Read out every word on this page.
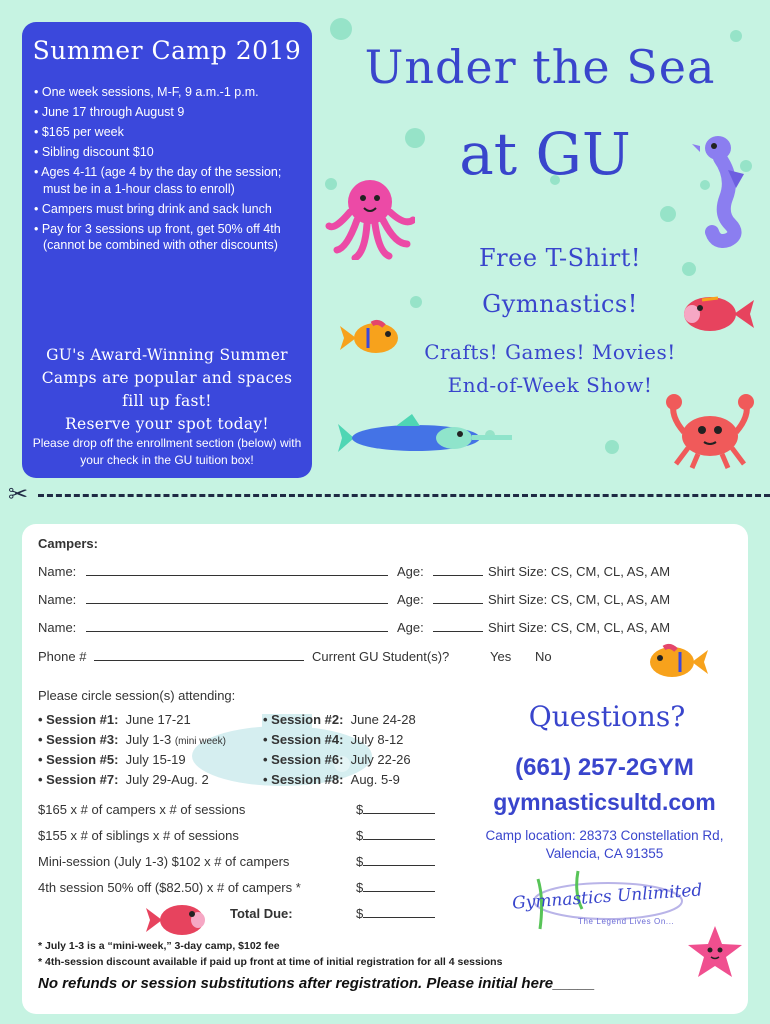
Summer Camp 2019
• One week sessions, M-F, 9 a.m.-1 p.m.
• June 17 through August 9
• $165 per week
• Sibling discount $10
• Ages 4-11 (age 4 by the day of the session; must be in a 1-hour class to enroll)
• Campers must bring drink and sack lunch
• Pay for 3 sessions up front, get 50% off 4th (cannot be combined with other discounts)
GU's Award-Winning Summer
Camps are popular and spaces
fill up fast!
Reserve your spot today!
Please drop off the enrollment section (below) with your check in the GU tuition box!
Under the Sea
at GU
Free T-Shirt!
Gymnastics!
Crafts! Games! Movies!
End-of-Week Show!
✂
Campers:
Name:	Age:	Shirt Size: CS, CM, CL, AS, AM
Name:	Age:	Shirt Size: CS, CM, CL, AS, AM
Name:	Age:	Shirt Size: CS, CM, CL, AS, AM
Phone #	Current GU Student(s)?	Yes No
Please circle session(s) attending:
• Session #1: June 17-21	• Session #2: June 24-28
• Session #3: July 1-3 (mini week)	• Session #4: July 8-12
• Session #5: July 15-19	• Session #6: July 22-26
• Session #7: July 29-Aug. 2	• Session #8: Aug. 5-9
$165 x # of campers x # of sessions	$
$155 x # of siblings x # of sessions	$
Mini-session (July 1-3) $102 x # of campers	$
4th session 50% off ($82.50) x # of campers *	$
Total Due:	$
* July 1-3 is a “mini-week,” 3-day camp, $102 fee
* 4th-session discount available if paid up front at time of initial registration for all 4 sessions
No refunds or session substitutions after registration. Please initial here_____
Questions?
(661) 257-2GYM
gymnasticsultd.com
Camp location: 28373 Constellation Rd,
Valencia, CA 91355
Gymnastics Unlimited
The Legend Lives On...
